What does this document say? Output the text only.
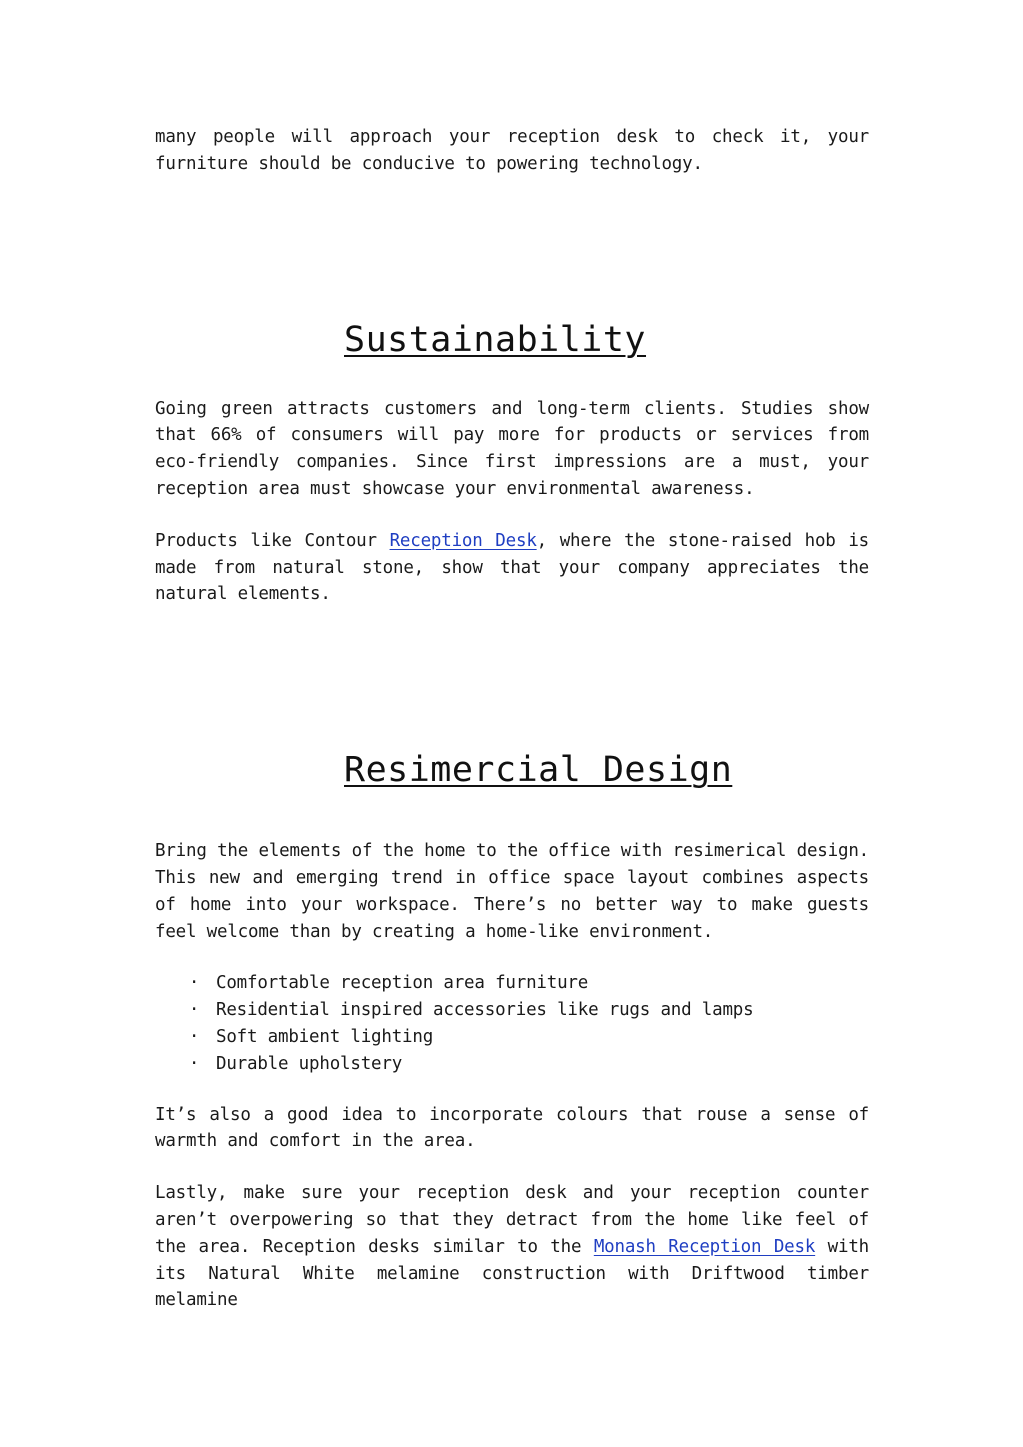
many people will approach your reception desk to check it, your furniture should be conducive to powering technology.

Sustainability

Going green attracts customers and long-term clients. Studies show that 66% of consumers will pay more for products or services from eco-friendly companies. Since first impressions are a must, your reception area must showcase your environmental awareness.

Products like Contour Reception Desk, where the stone-raised hob is made from natural stone, show that your company appreciates the natural elements.

Resimercial Design

Bring the elements of the home to the office with resimerical design. This new and emerging trend in office space layout combines aspects of home into your workspace. There’s no better way to make guests feel welcome than by creating a home-like environment.

· Comfortable reception area furniture
· Residential inspired accessories like rugs and lamps
· Soft ambient lighting
· Durable upholstery

It’s also a good idea to incorporate colours that rouse a sense of warmth and comfort in the area.

Lastly, make sure your reception desk and your reception counter aren’t overpowering so that they detract from the home like feel of the area. Reception desks similar to the Monash Reception Desk with its Natural White melamine construction with Driftwood timber melamine
